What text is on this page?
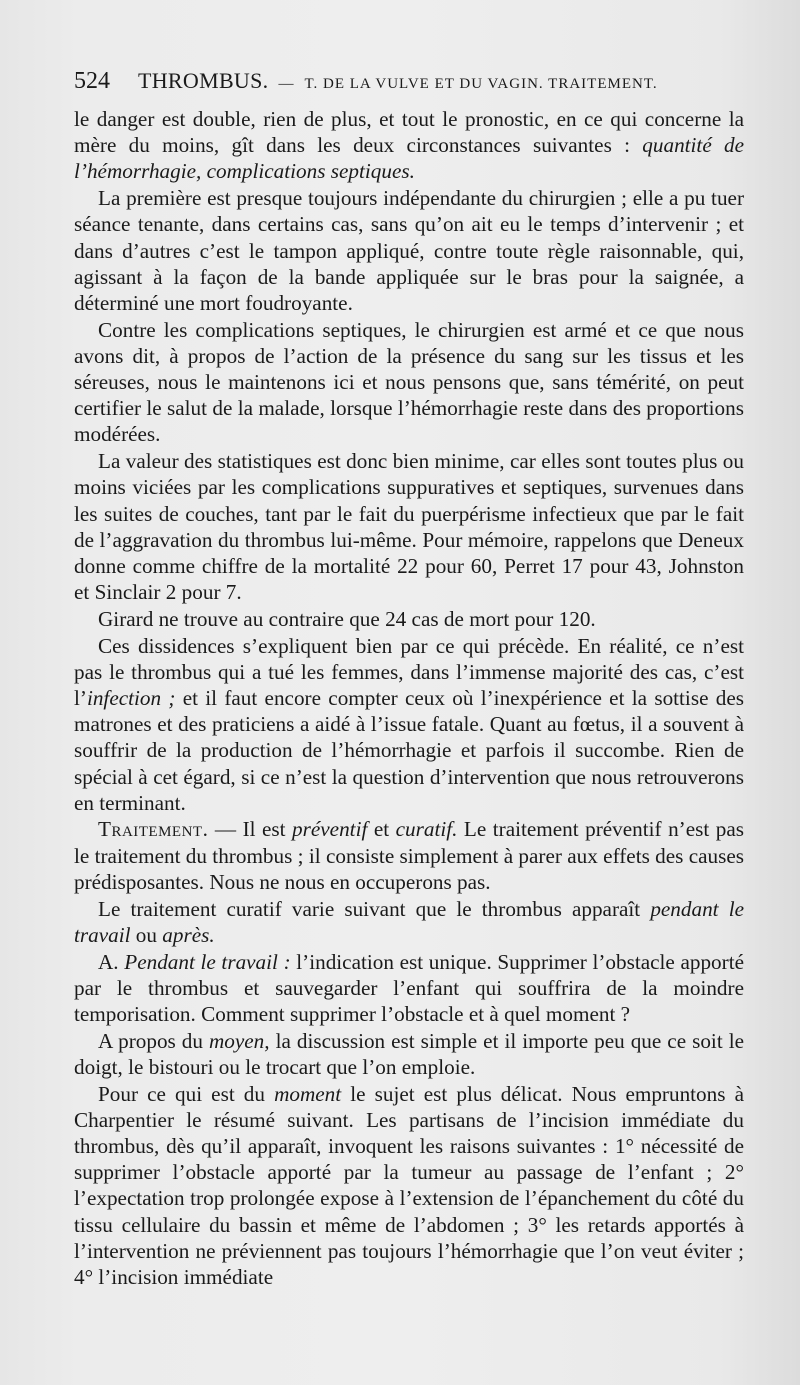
524 THROMBUS. — T. DE LA VULVE ET DU VAGIN. TRAITEMENT.

le danger est double, rien de plus, et tout le pronostic, en ce qui concerne la mère du moins, gît dans les deux circonstances suivantes : quantité de l’hémorrhagie, complications septiques.

La première est presque toujours indépendante du chirurgien ; elle a pu tuer séance tenante, dans certains cas, sans qu’on ait eu le temps d’intervenir ; et dans d’autres c’est le tampon appliqué, contre toute règle raisonnable, qui, agissant à la façon de la bande appliquée sur le bras pour la saignée, a déterminé une mort foudroyante.

Contre les complications septiques, le chirurgien est armé et ce que nous avons dit, à propos de l’action de la présence du sang sur les tissus et les séreuses, nous le maintenons ici et nous pensons que, sans témérité, on peut certifier le salut de la malade, lorsque l’hémorrhagie reste dans des proportions modérées.

La valeur des statistiques est donc bien minime, car elles sont toutes plus ou moins viciées par les complications suppuratives et septiques, survenues dans les suites de couches, tant par le fait du puerpérisme infectieux que par le fait de l’aggravation du thrombus lui-même. Pour mémoire, rappelons que Deneux donne comme chiffre de la mortalité 22 pour 60, Perret 17 pour 43, Johnston et Sinclair 2 pour 7.

Girard ne trouve au contraire que 24 cas de mort pour 120.

Ces dissidences s’expliquent bien par ce qui précède. En réalité, ce n’est pas le thrombus qui a tué les femmes, dans l’immense majorité des cas, c’est l’infection ; et il faut encore compter ceux où l’inexpérience et la sottise des matrones et des praticiens a aidé à l’issue fatale. Quant au fœtus, il a souvent à souffrir de la production de l’hémorrhagie et parfois il succombe. Rien de spécial à cet égard, si ce n’est la question d’intervention que nous retrouverons en terminant.

Traitement. — Il est préventif et curatif. Le traitement préventif n’est pas le traitement du thrombus ; il consiste simplement à parer aux effets des causes prédisposantes. Nous ne nous en occuperons pas.

Le traitement curatif varie suivant que le thrombus apparaît pendant le travail ou après.

A. Pendant le travail : l’indication est unique. Supprimer l’obstacle apporté par le thrombus et sauvegarder l’enfant qui souffrira de la moindre temporisation. Comment supprimer l’obstacle et à quel moment ?

A propos du moyen, la discussion est simple et il importe peu que ce soit le doigt, le bistouri ou le trocart que l’on emploie.

Pour ce qui est du moment le sujet est plus délicat. Nous empruntons à Charpentier le résumé suivant. Les partisans de l’incision immédiate du thrombus, dès qu’il apparaît, invoquent les raisons suivantes : 1° nécessité de supprimer l’obstacle apporté par la tumeur au passage de l’enfant ; 2° l’expectation trop prolongée expose à l’extension de l’épanchement du côté du tissu cellulaire du bassin et même de l’abdomen ; 3° les retards apportés à l’intervention ne préviennent pas toujours l’hémorrhagie que l’on veut éviter ; 4° l’incision immédiate
